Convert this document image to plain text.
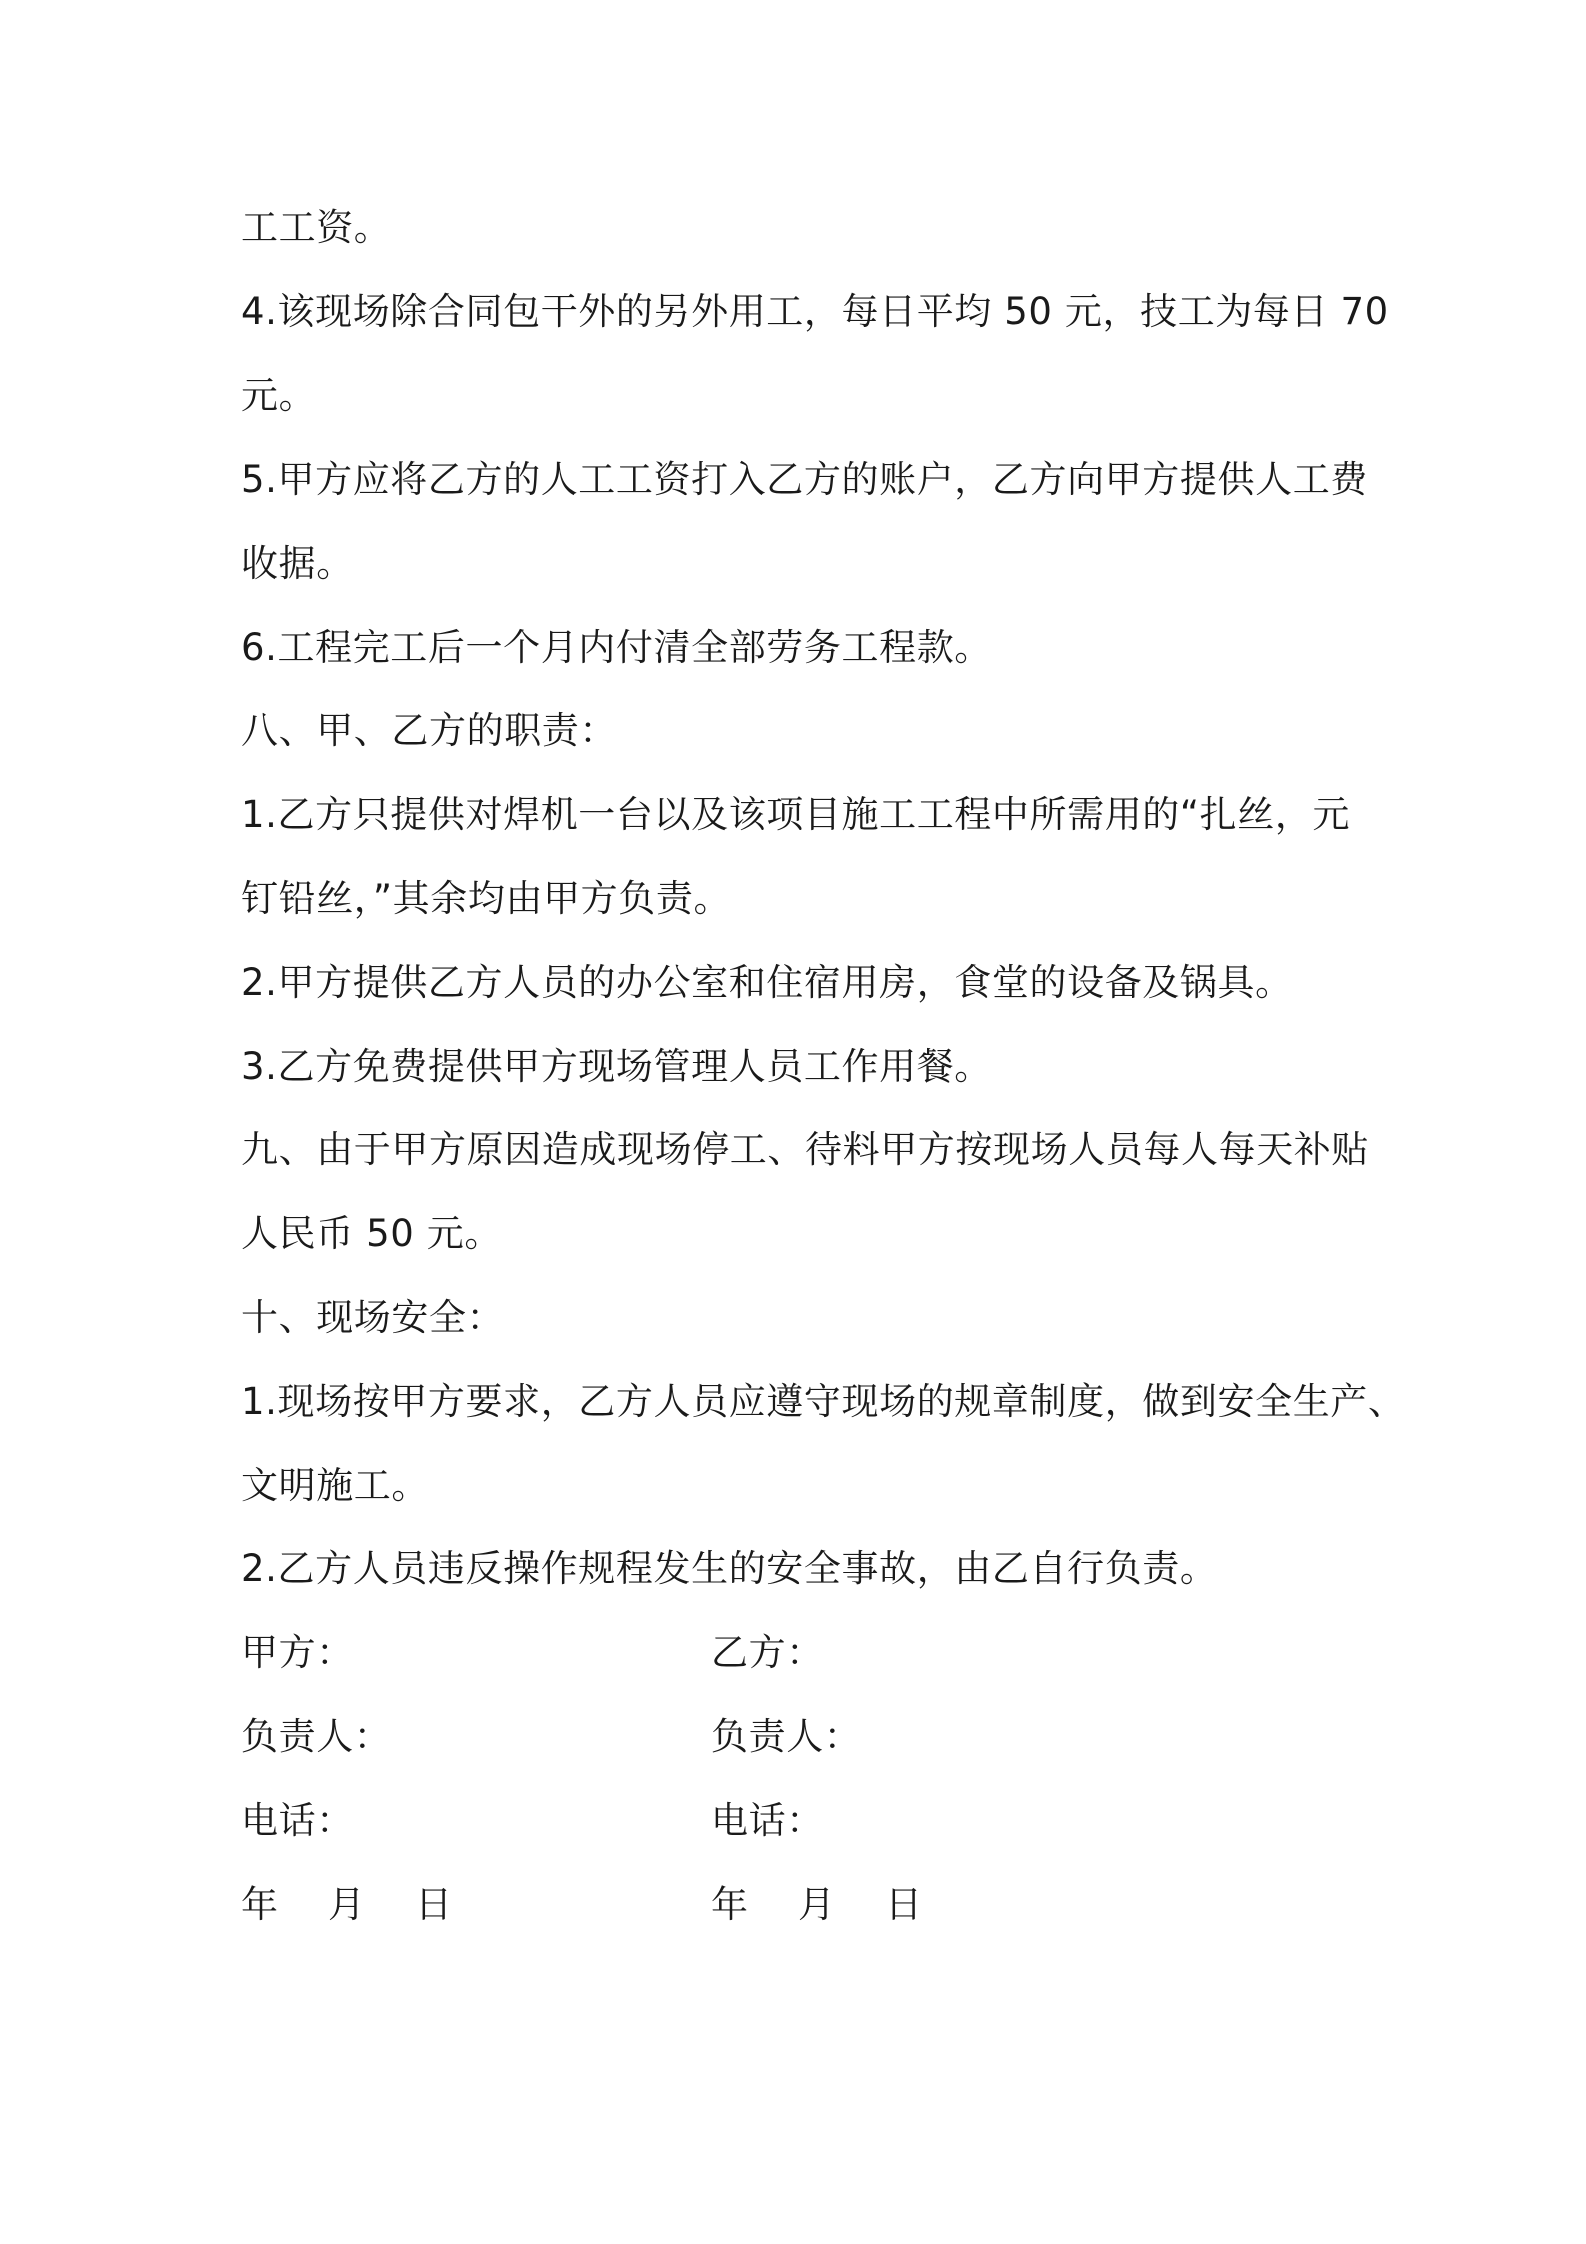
工工资。
4.该现场除合同包干外的另外用工，每日平均 50 元，技工为每日 70
元。
5.甲方应将乙方的人工工资打入乙方的账户，乙方向甲方提供人工费
收据。
6.工程完工后一个月内付清全部劳务工程款。
八、甲、乙方的职责：
1.乙方只提供对焊机一台以及该项目施工工程中所需用的“扎丝，元
钉铅丝，”其余均由甲方负责。
2.甲方提供乙方人员的办公室和住宿用房，食堂的设备及锅具。
3.乙方免费提供甲方现场管理人员工作用餐。
九、由于甲方原因造成现场停工、待料甲方按现场人员每人每天补贴
人民币 50 元。
十、现场安全：
1.现场按甲方要求，乙方人员应遵守现场的规章制度，做到安全生产、
文明施工。
2.乙方人员违反操作规程发生的安全事故，由乙自行负责。
甲方：	乙方：
负责人：	负责人：
电话：	电话：
年    月    日	年    月    日
